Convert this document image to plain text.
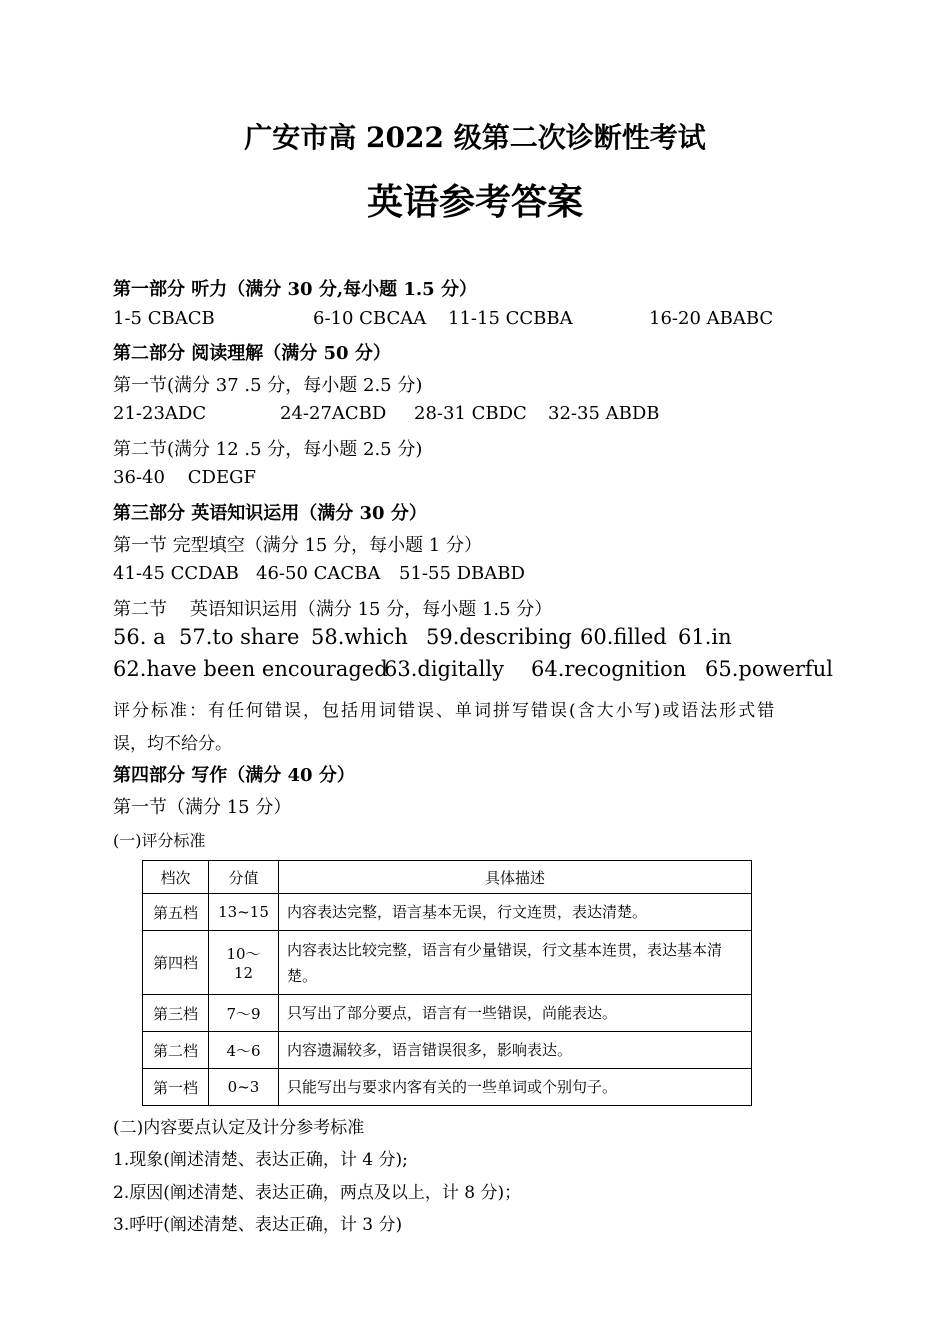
广安市高 2022 级第二次诊断性考试
英语参考答案
第一部分 听力（满分 30 分,每小题 1.5 分）
1-5 CBACB	6-10 CBCAA 11-15 CCBBA	16-20 ABABC
第二部分 阅读理解（满分 50 分）
第一节(满分 37 .5 分，每小题 2.5 分)
21-23ADC	24-27ACBD 28-31 CBDC 32-35 ABDB
第二节(满分 12 .5 分，每小题 2.5 分)
36-40    CDEGF
第三部分 英语知识运用（满分 30 分）
第一节 完型填空（满分 15 分，每小题 1 分）
41-45 CCDAB 46-50 CACBA 51-55 DBABD
第二节    英语知识运用（满分 15 分，每小题 1.5 分）
56. a 57.to share 58.which 59.describing 60.filled 61.in
62.have been encouraged
63.digitally 64.recognition 65.powerful
评分标准：有任何错误，包括用词错误、单词拼写错误(含大小写)或语法形式错
误，均不给分。
第四部分 写作（满分 40 分）
第一节（满分 15 分）
(一)评分标准
档次	分值	具体描述
第五档	13~15	内容表达完整，语言基本无误，行文连贯，表达清楚。
第四档	10～12	内容表达比较完整，语言有少量错误，行文基本连贯，表达基本清楚。
第三档	7～9	只写出了部分要点，语言有一些错误，尚能表达。
第二档	4～6	内容遗漏较多，语言错误很多，影响表达。
第一档	0~3	只能写出与要求内客有关的一些单词或个别句子。
(二)内容要点认定及计分参考标准
1.现象(阐述清楚、表达正确，计 4 分);
2.原因(阐述清楚、表达正确，两点及以上，计 8 分)；
3.呼吁(阐述清楚、表达正确，计 3 分)
